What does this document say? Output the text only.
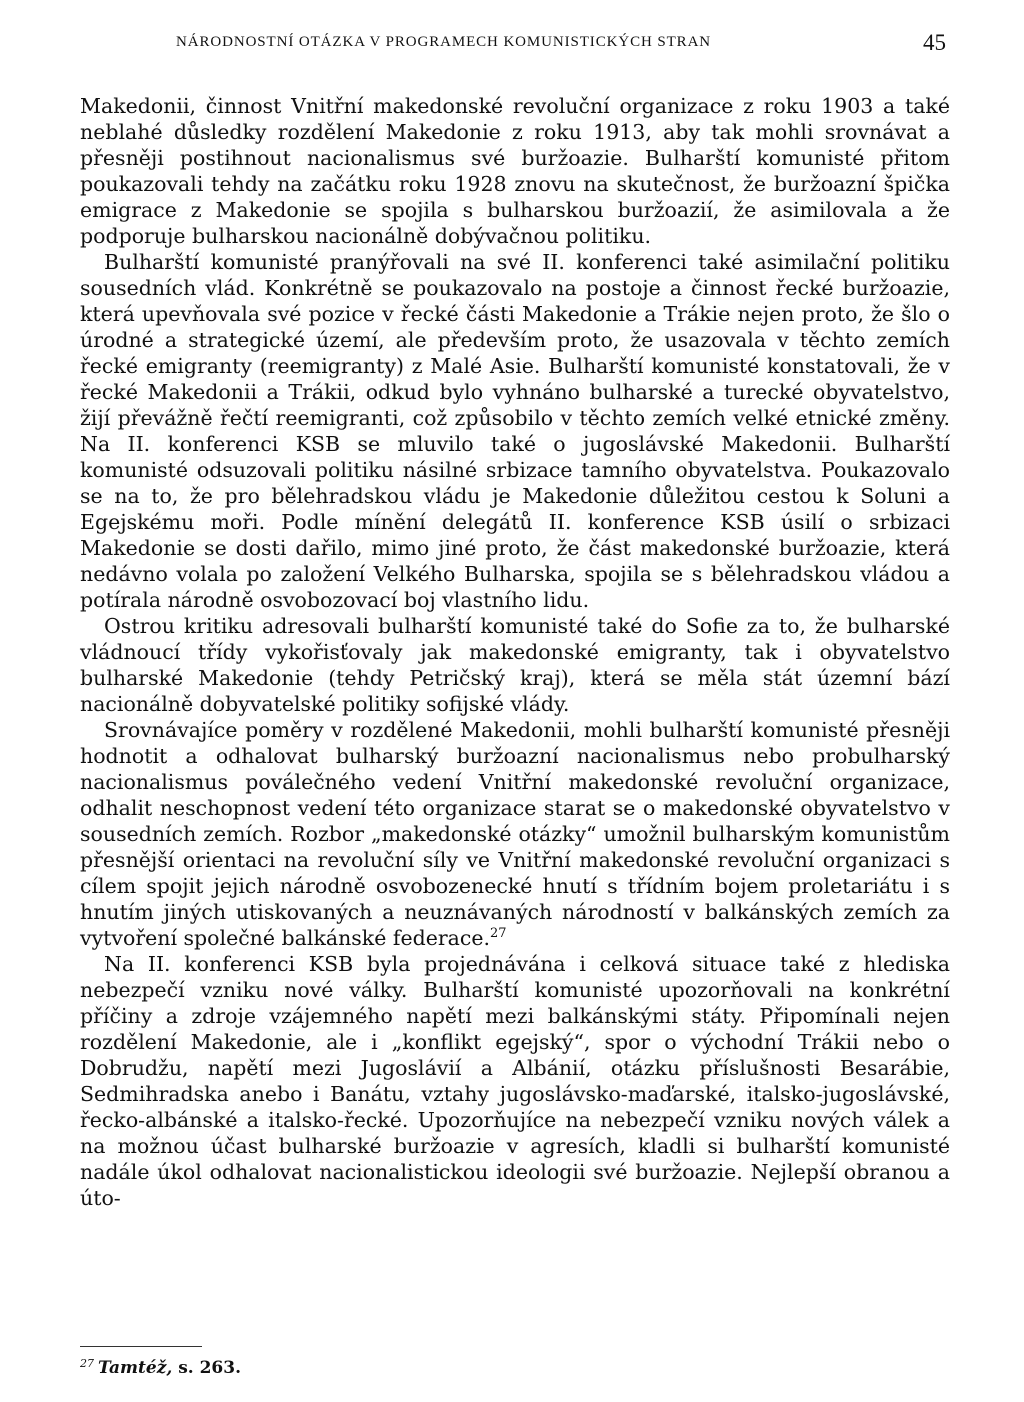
NÁRODNOSTNÍ OTÁZKA V PROGRAMECH KOMUNISTICKÝCH STRAN	45

Makedonii, činnost Vnitřní makedonské revoluční organizace z roku 1903 a také neblahé důsledky rozdělení Makedonie z roku 1913, aby tak mohli srovnávat a přesněji postihnout nacionalismus své buržoazie. Bulharští komunisté přitom poukazovali tehdy na začátku roku 1928 znovu na skutečnost, že buržoazní špička emigrace z Makedonie se spojila s bulharskou buržoazií, že asimilovala a že podporuje bulharskou nacionálně dobývačnou politiku.

Bulharští komunisté pranýřovali na své II. konferenci také asimilační politiku sousedních vlád. Konkrétně se poukazovalo na postoje a činnost řecké buržoazie, která upevňovala své pozice v řecké části Makedonie a Trákie nejen proto, že šlo o úrodné a strategické území, ale především proto, že usazovala v těchto zemích řecké emigranty (reemigranty) z Malé Asie. Bulharští komunisté konstatovali, že v řecké Makedonii a Trákii, odkud bylo vyhnáno bulharské a turecké obyvatelstvo, žijí převážně řečtí reemigranti, což způsobilo v těchto zemích velké etnické změny. Na II. konferenci KSB se mluvilo také o jugoslávské Makedonii. Bulharští komunisté odsuzovali politiku násilné srbizace tamního obyvatelstva. Poukazovalo se na to, že pro bělehradskou vládu je Makedonie důležitou cestou k Soluni a Egejskému moři. Podle mínění delegátů II. konference KSB úsilí o srbizaci Makedonie se dosti dařilo, mimo jiné proto, že část makedonské buržoazie, která nedávno volala po založení Velkého Bulharska, spojila se s bělehradskou vládou a potírala národně osvobozovací boj vlastního lidu.

Ostrou kritiku adresovali bulharští komunisté také do Sofie za to, že bulharské vládnoucí třídy vykořisťovaly jak makedonské emigranty, tak i obyvatelstvo bulharské Makedonie (tehdy Petričský kraj), která se měla stát územní bází nacionálně dobyvatelské politiky sofijské vlády.

Srovnávajíce poměry v rozdělené Makedonii, mohli bulharští komunisté přesněji hodnotit a odhalovat bulharský buržoazní nacionalismus nebo probulharský nacionalismus poválečného vedení Vnitřní makedonské revoluční organizace, odhalit neschopnost vedení této organizace starat se o makedonské obyvatelstvo v sousedních zemích. Rozbor „makedonské otázky“ umožnil bulharským komunistům přesnější orientaci na revoluční síly ve Vnitřní makedonské revoluční organizaci s cílem spojit jejich národně osvobozenecké hnutí s třídním bojem proletariátu i s hnutím jiných utiskovaných a neuznávaných národností v balkánských zemích za vytvoření společné balkánské federace.$^{27}$

Na II. konferenci KSB byla projednávána i celková situace také z hlediska nebezpečí vzniku nové války. Bulharští komunisté upozorňovali na konkrétní příčiny a zdroje vzájemného napětí mezi balkánskými státy. Připomínali nejen rozdělení Makedonie, ale i „konflikt egejský“, spor o východní Trákii nebo o Dobrudžu, napětí mezi Jugoslávií a Albánií, otázku příslušnosti Besarábie, Sedmihradska anebo i Banátu, vztahy jugoslávsko-maďarské, italsko-jugoslávské, řecko-albánské a italsko-řecké. Upozorňujíce na nebezpečí vzniku nových válek a na možnou účast bulharské buržoazie v agresích, kladli si bulharští komunisté nadále úkol odhalovat nacionalistickou ideologii své buržoazie. Nejlepší obranou a úto-

$^{27}$ Tamtéž, s. 263.
